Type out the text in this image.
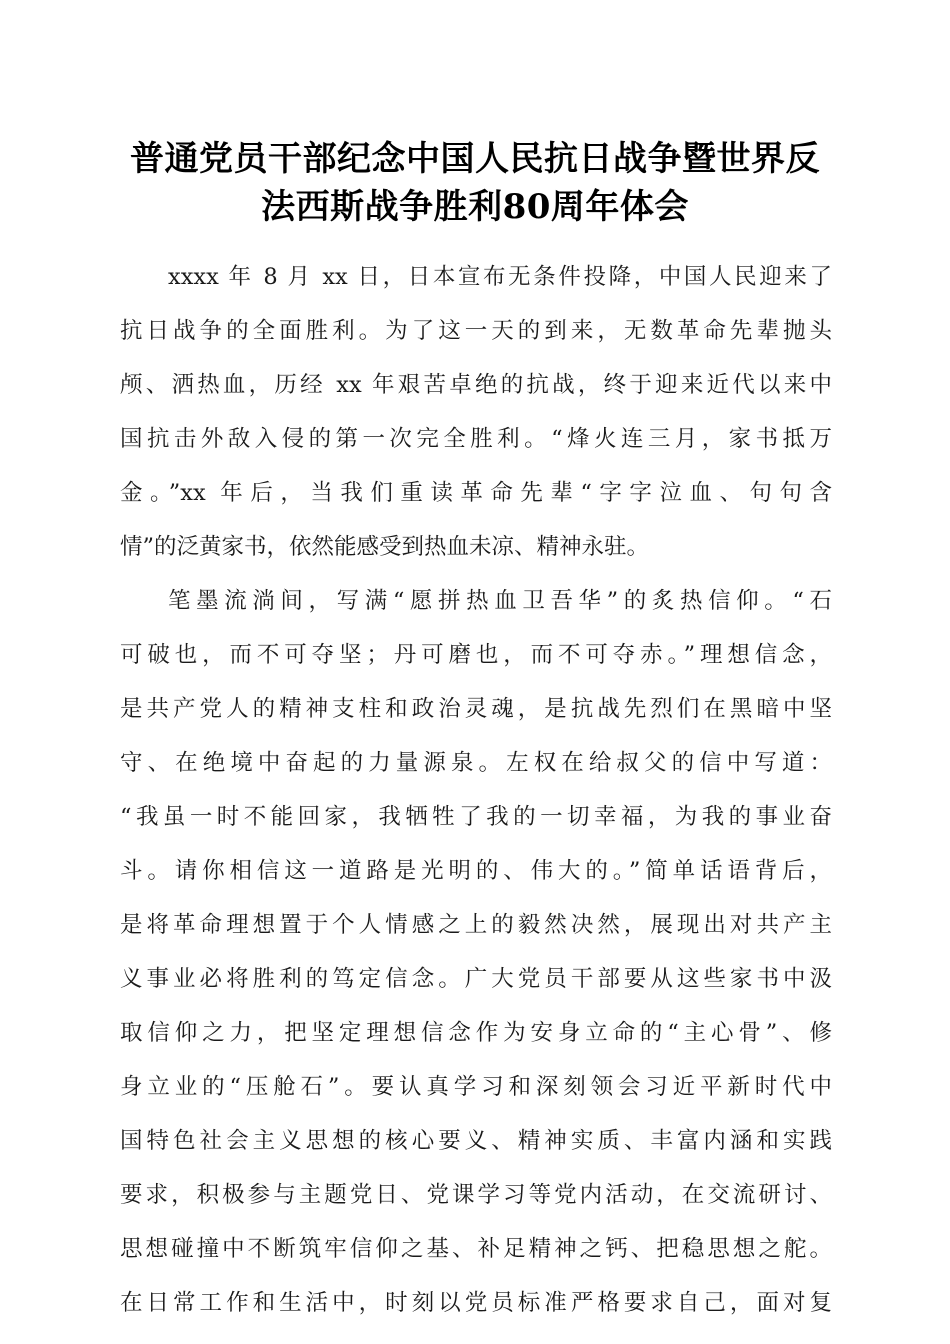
普通党员干部纪念中国人民抗日战争暨世界反
法西斯战争胜利80周年体会
xxxx 年 8 月 xx 日，日本宣布无条件投降，中国人民迎来了
抗日战争的全面胜利。为了这一天的到来，无数革命先辈抛头
颅、洒热血，历经 xx 年艰苦卓绝的抗战，终于迎来近代以来中
国抗击外敌入侵的第一次完全胜利。“烽火连三月，家书抵万
金。”xx 年后，当我们重读革命先辈“字字泣血、句句含
情”的泛黄家书，依然能感受到热血未凉、精神永驻。
笔墨流淌间，写满“愿拼热血卫吾华”的炙热信仰。“石
可破也，而不可夺坚；丹可磨也，而不可夺赤。”理想信念，
是共产党人的精神支柱和政治灵魂，是抗战先烈们在黑暗中坚
守、在绝境中奋起的力量源泉。左权在给叔父的信中写道：
“我虽一时不能回家，我牺牲了我的一切幸福，为我的事业奋
斗。请你相信这一道路是光明的、伟大的。”简单话语背后，
是将革命理想置于个人情感之上的毅然决然，展现出对共产主
义事业必将胜利的笃定信念。广大党员干部要从这些家书中汲
取信仰之力，把坚定理想信念作为安身立命的“主心骨”、修
身立业的“压舱石”。要认真学习和深刻领会习近平新时代中
国特色社会主义思想的核心要义、精神实质、丰富内涵和实践
要求，积极参与主题党日、党课学习等党内活动，在交流研讨、
思想碰撞中不断筑牢信仰之基、补足精神之钙、把稳思想之舵。
在日常工作和生活中，时刻以党员标准严格要求自己，面对复
